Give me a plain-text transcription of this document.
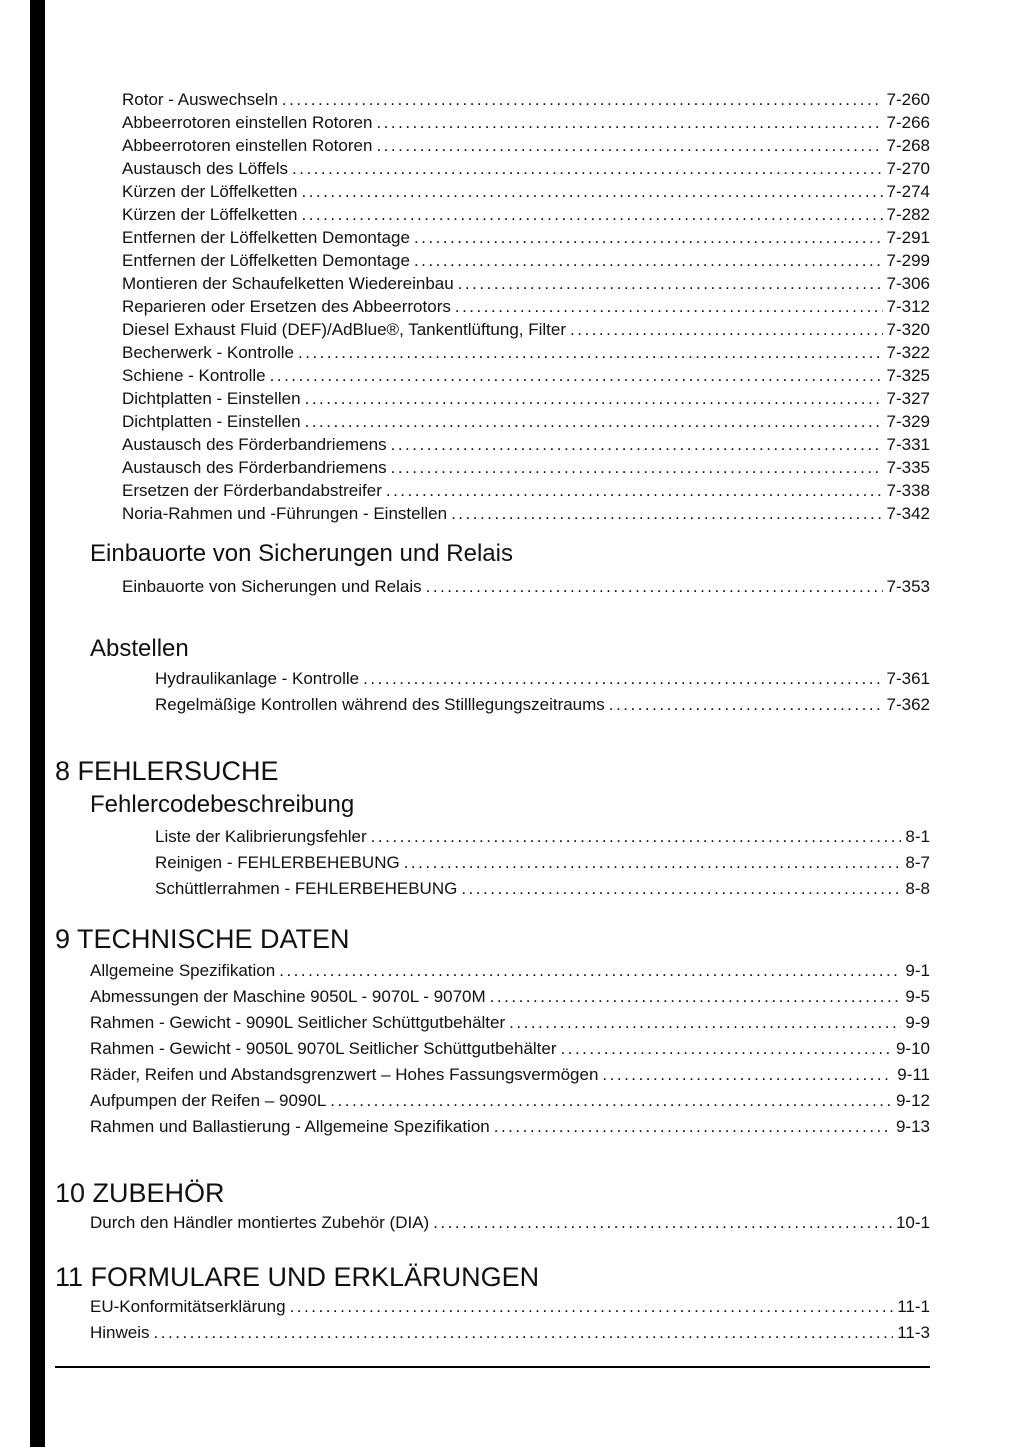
Rotor - Auswechseln .....	7-260
Abbeerrotoren einstellen Rotoren .....	7-266
Abbeerrotoren einstellen Rotoren .....	7-268
Austausch des Löffels .....	7-270
Kürzen der Löffelketten .....	7-274
Kürzen der Löffelketten .....	7-282
Entfernen der Löffelketten Demontage .....	7-291
Entfernen der Löffelketten Demontage .....	7-299
Montieren der Schaufelketten Wiedereinbau .....	7-306
Reparieren oder Ersetzen des Abbeerrotors .....	7-312
Diesel Exhaust Fluid (DEF)/AdBlue®, Tankentlüftung, Filter .....	7-320
Becherwerk - Kontrolle .....	7-322
Schiene - Kontrolle .....	7-325
Dichtplatten - Einstellen .....	7-327
Dichtplatten - Einstellen .....	7-329
Austausch des Förderbandriemens .....	7-331
Austausch des Förderbandriemens .....	7-335
Ersetzen der Förderbandabstreifer .....	7-338
Noria-Rahmen und -Führungen - Einstellen .....	7-342
Einbauorte von Sicherungen und Relais
Einbauorte von Sicherungen und Relais .....	7-353
Abstellen
Hydraulikanlage - Kontrolle .....	7-361
Regelmäßige Kontrollen während des Stilllegungszeitraums .....	7-362
8 FEHLERSUCHE
Fehlercodebeschreibung
Liste der Kalibrierungsfehler .....	8-1
Reinigen - FEHLERBEHEBUNG .....	8-7
Schüttlerrahmen - FEHLERBEHEBUNG .....	8-8
9 TECHNISCHE DATEN
Allgemeine Spezifikation .....	9-1
Abmessungen der Maschine 9050L - 9070L - 9070M .....	9-5
Rahmen - Gewicht - 9090L Seitlicher Schüttgutbehälter .....	9-9
Rahmen - Gewicht - 9050L 9070L Seitlicher Schüttgutbehälter .....	9-10
Räder, Reifen und Abstandsgrenzwert – Hohes Fassungsvermögen .....	9-11
Aufpumpen der Reifen – 9090L .....	9-12
Rahmen und Ballastierung - Allgemeine Spezifikation .....	9-13
10 ZUBEHÖR
Durch den Händler montiertes Zubehör (DIA) .....	10-1
11 FORMULARE UND ERKLÄRUNGEN
EU-Konformitätserklärung .....	11-1
Hinweis .....	11-3
